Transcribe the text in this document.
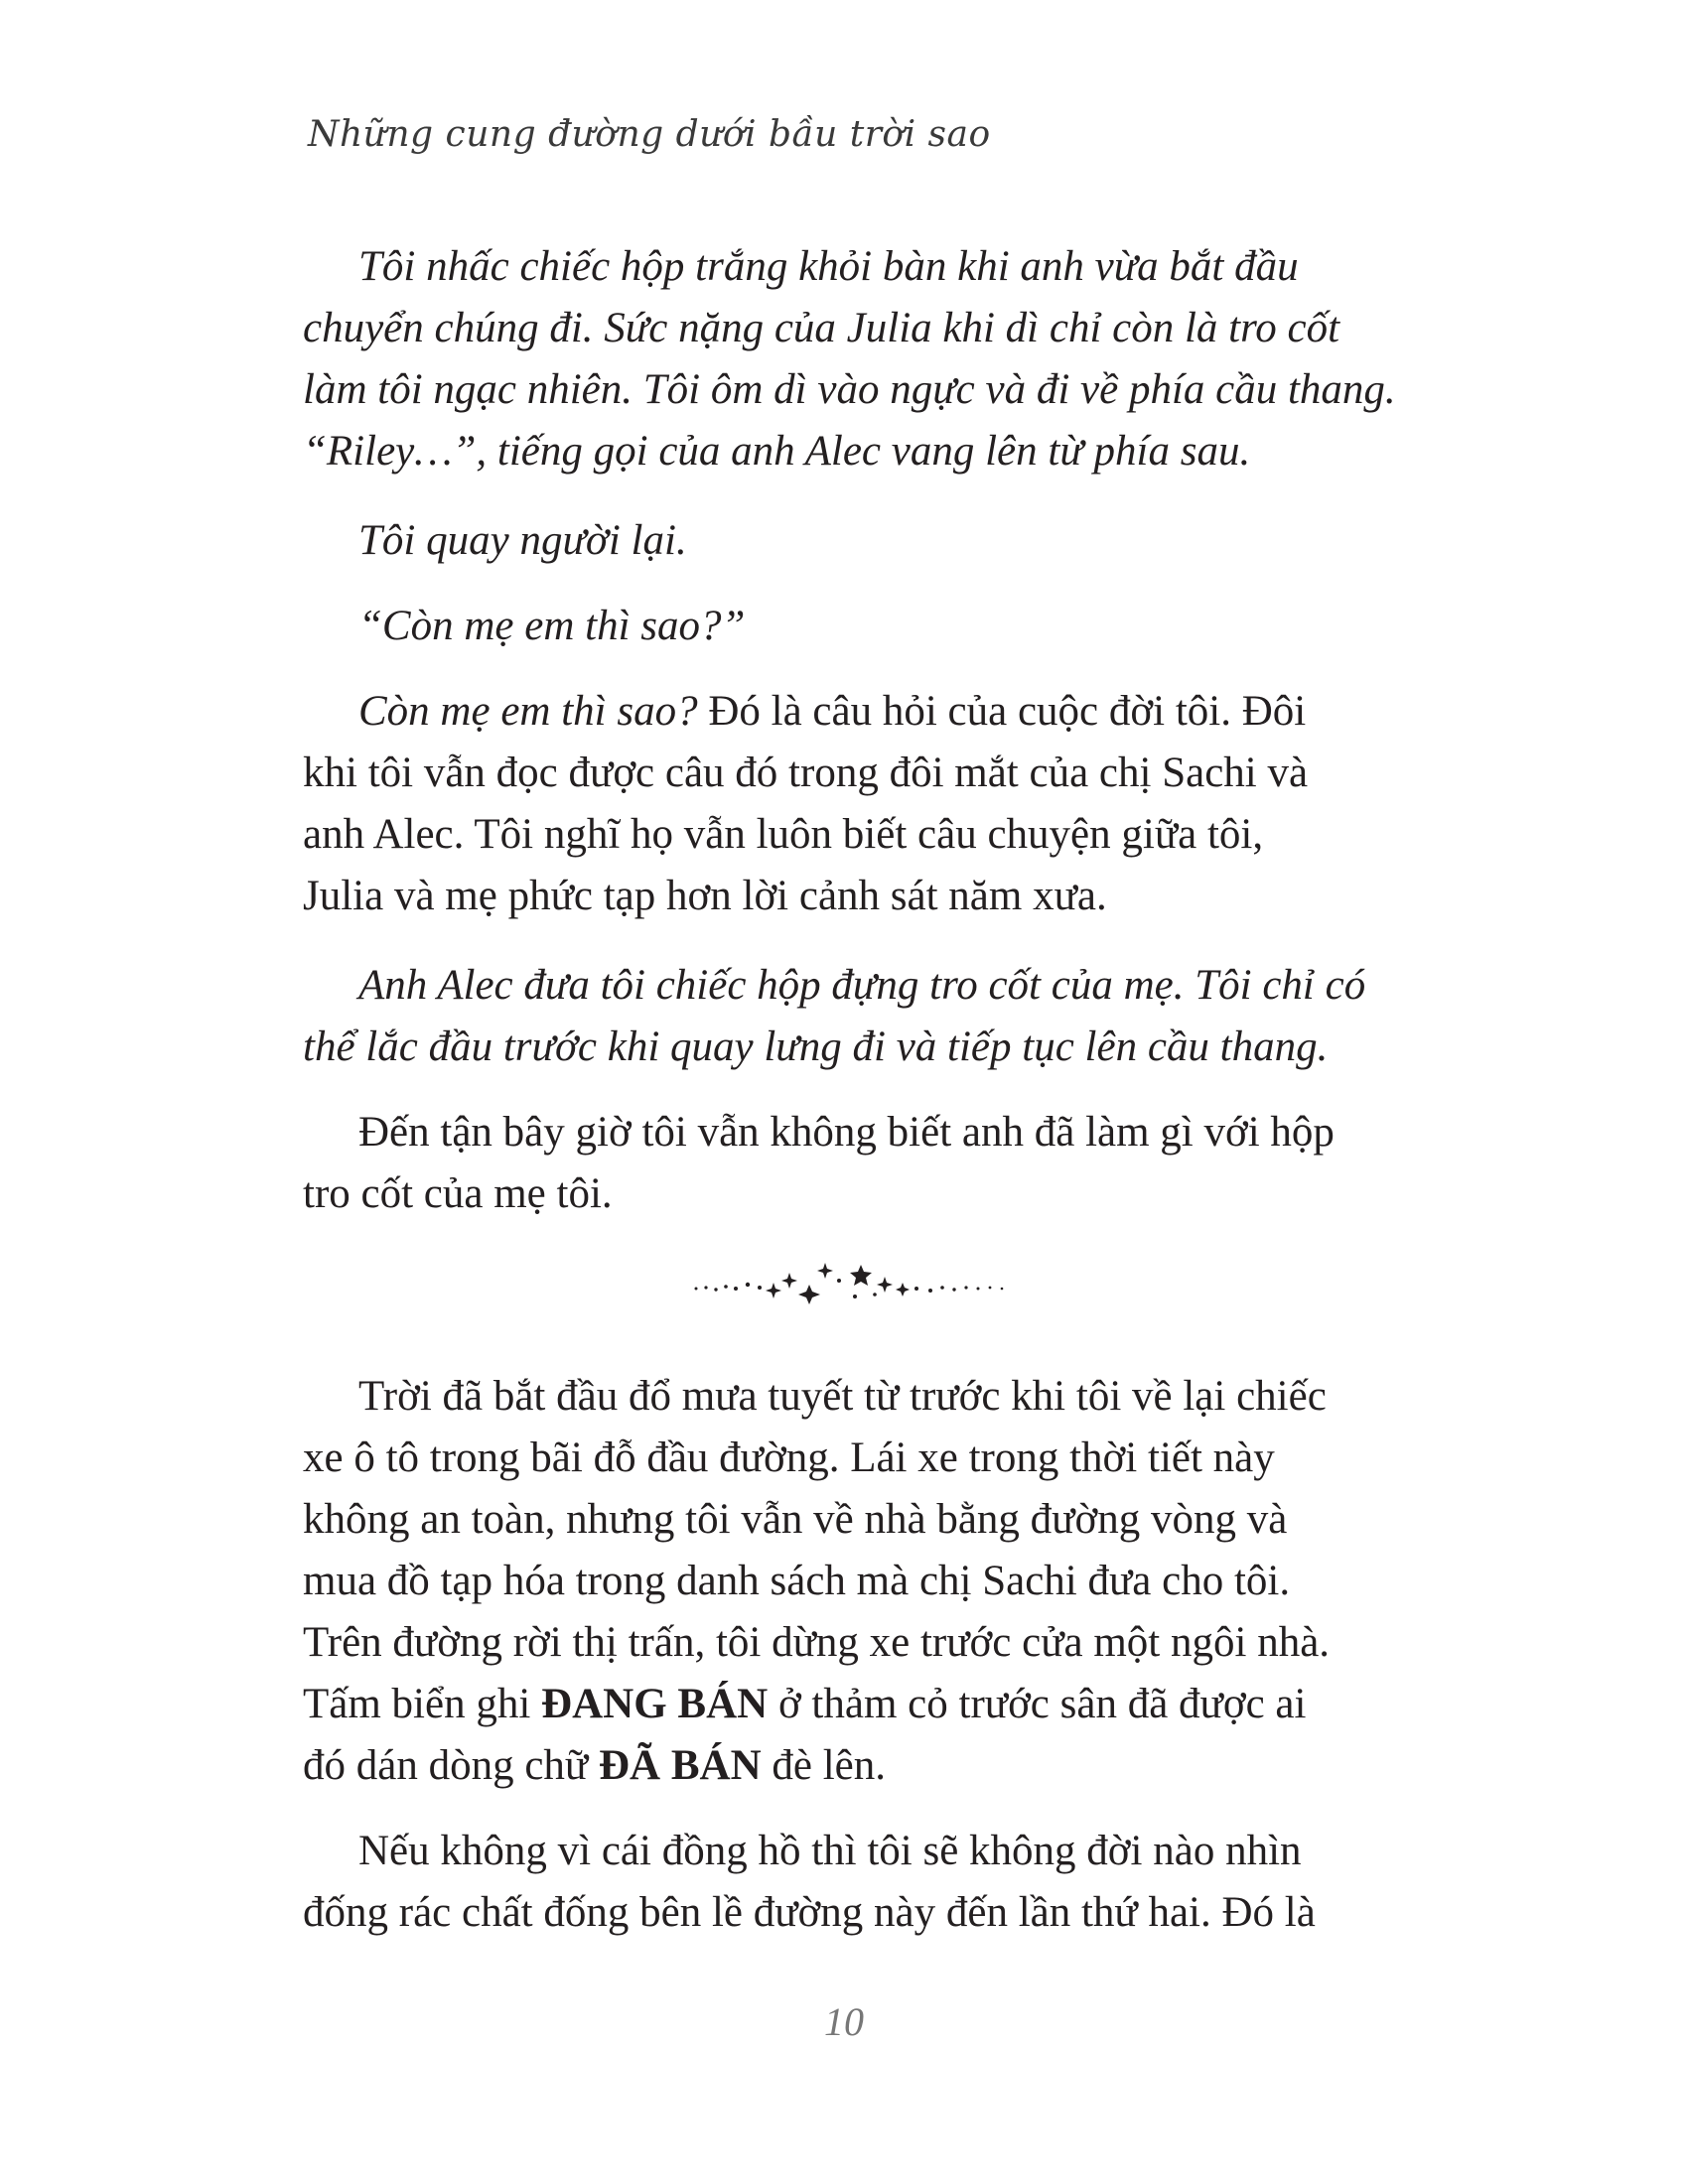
Những cung đường dưới bầu trời sao
Tôi nhấc chiếc hộp trắng khỏi bàn khi anh vừa bắt đầu
chuyển chúng đi. Sức nặng của Julia khi dì chỉ còn là tro cốt
làm tôi ngạc nhiên. Tôi ôm dì vào ngực và đi về phía cầu thang.
“Riley…”, tiếng gọi của anh Alec vang lên từ phía sau.
Tôi quay người lại.
“Còn mẹ em thì sao?”
Còn mẹ em thì sao? Đó là câu hỏi của cuộc đời tôi. Đôi
khi tôi vẫn đọc được câu đó trong đôi mắt của chị Sachi và
anh Alec. Tôi nghĩ họ vẫn luôn biết câu chuyện giữa tôi,
Julia và mẹ phức tạp hơn lời cảnh sát năm xưa.
Anh Alec đưa tôi chiếc hộp đựng tro cốt của mẹ. Tôi chỉ có
thể lắc đầu trước khi quay lưng đi và tiếp tục lên cầu thang.
Đến tận bây giờ tôi vẫn không biết anh đã làm gì với hộp
tro cốt của mẹ tôi.
Trời đã bắt đầu đổ mưa tuyết từ trước khi tôi về lại chiếc
xe ô tô trong bãi đỗ đầu đường. Lái xe trong thời tiết này
không an toàn, nhưng tôi vẫn về nhà bằng đường vòng và
mua đồ tạp hóa trong danh sách mà chị Sachi đưa cho tôi.
Trên đường rời thị trấn, tôi dừng xe trước cửa một ngôi nhà.
Tấm biển ghi ĐANG BÁN ở thảm cỏ trước sân đã được ai
đó dán dòng chữ ĐÃ BÁN đè lên.
Nếu không vì cái đồng hồ thì tôi sẽ không đời nào nhìn
đống rác chất đống bên lề đường này đến lần thứ hai. Đó là
10
